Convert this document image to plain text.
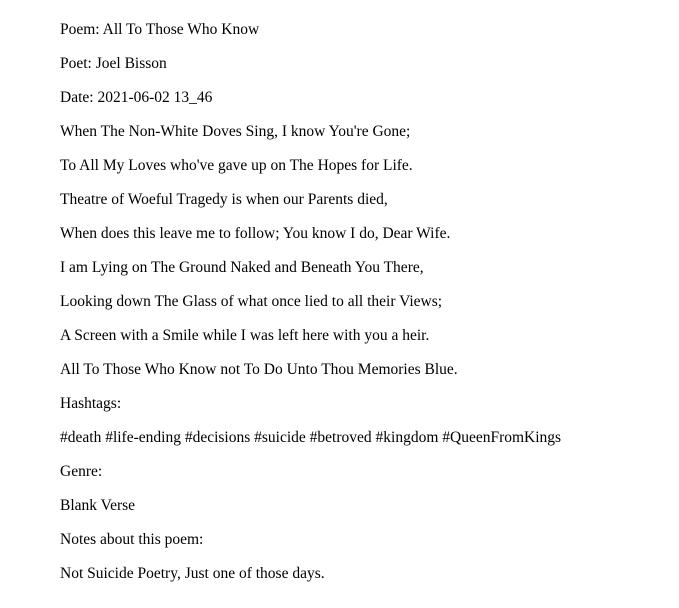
Poem: All To Those Who Know
Poet: Joel Bisson
Date: 2021-06-02 13_46
When The Non-White Doves Sing, I know You're Gone;
To All My Loves who've gave up on The Hopes for Life.
Theatre of Woeful Tragedy is when our Parents died,
When does this leave me to follow; You know I do, Dear Wife.
I am Lying on The Ground Naked and Beneath You There,
Looking down The Glass of what once lied to all their Views;
A Screen with a Smile while I was left here with you a heir.
All To Those Who Know not To Do Unto Thou Memories Blue.
Hashtags:
#death #life-ending #decisions #suicide #betroved #kingdom #QueenFromKings
Genre:
Blank Verse
Notes about this poem:
Not Suicide Poetry, Just one of those days.
